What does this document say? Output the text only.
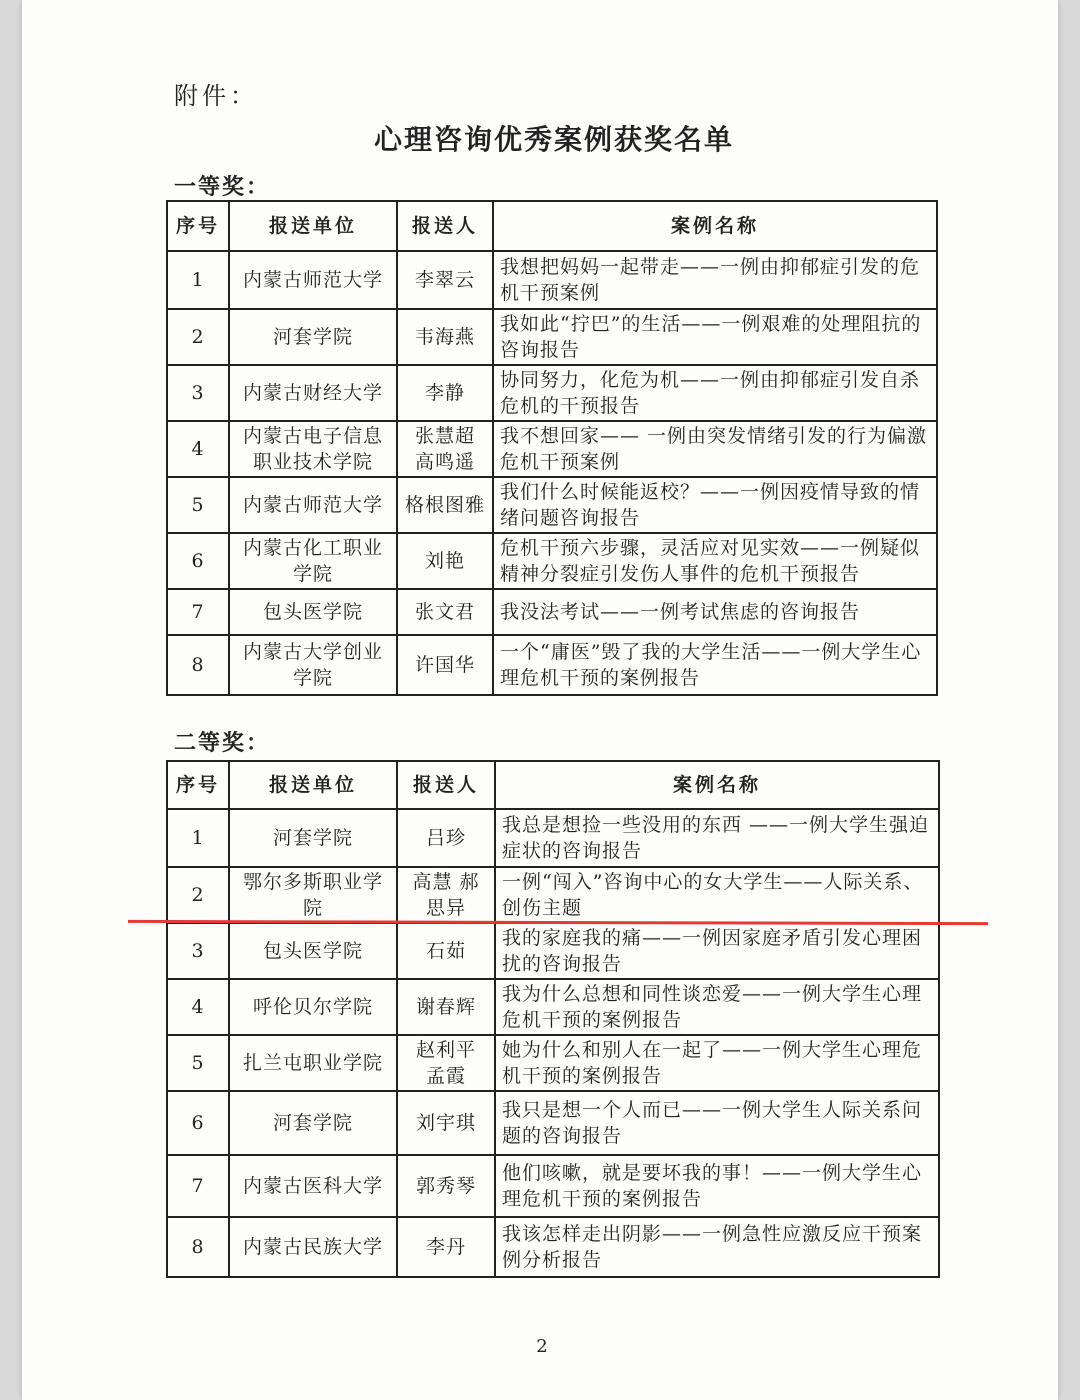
附件：
心理咨询优秀案例获奖名单
一等奖：
序号	报送单位	报送人	案例名称
1	内蒙古师范大学	李翠云	我想把妈妈一起带走——一例由抑郁症引发的危机干预案例
2	河套学院	韦海燕	我如此“拧巴”的生活——一例艰难的处理阻抗的咨询报告
3	内蒙古财经大学	李静	协同努力，化危为机——一例由抑郁症引发自杀危机的干预报告
4	内蒙古电子信息职业技术学院	张慧超 高鸣遥	我不想回家—— 一例由突发情绪引发的行为偏激危机干预案例
5	内蒙古师范大学	格根图雅	我们什么时候能返校？——一例因疫情导致的情绪问题咨询报告
6	内蒙古化工职业学院	刘艳	危机干预六步骤，灵活应对见实效——一例疑似精神分裂症引发伤人事件的危机干预报告
7	包头医学院	张文君	我没法考试——一例考试焦虑的咨询报告
8	内蒙古大学创业学院	许国华	一个“庸医”毁了我的大学生活——一例大学生心理危机干预的案例报告
二等奖：
序号	报送单位	报送人	案例名称
1	河套学院	吕珍	我总是想捡一些没用的东西 ——一例大学生强迫症状的咨询报告
2	鄂尔多斯职业学院	高慧 郝思异	一例“闯入”咨询中心的女大学生——人际关系、创伤主题
3	包头医学院	石茹	我的家庭我的痛——一例因家庭矛盾引发心理困扰的咨询报告
4	呼伦贝尔学院	谢春辉	我为什么总想和同性谈恋爱——一例大学生心理危机干预的案例报告
5	扎兰屯职业学院	赵利平 孟霞	她为什么和别人在一起了——一例大学生心理危机干预的案例报告
6	河套学院	刘宇琪	我只是想一个人而已——一例大学生人际关系问题的咨询报告
7	内蒙古医科大学	郭秀琴	他们咳嗽，就是要坏我的事！——一例大学生心理危机干预的案例报告
8	内蒙古民族大学	李丹	我该怎样走出阴影——一例急性应激反应干预案例分析报告
2
